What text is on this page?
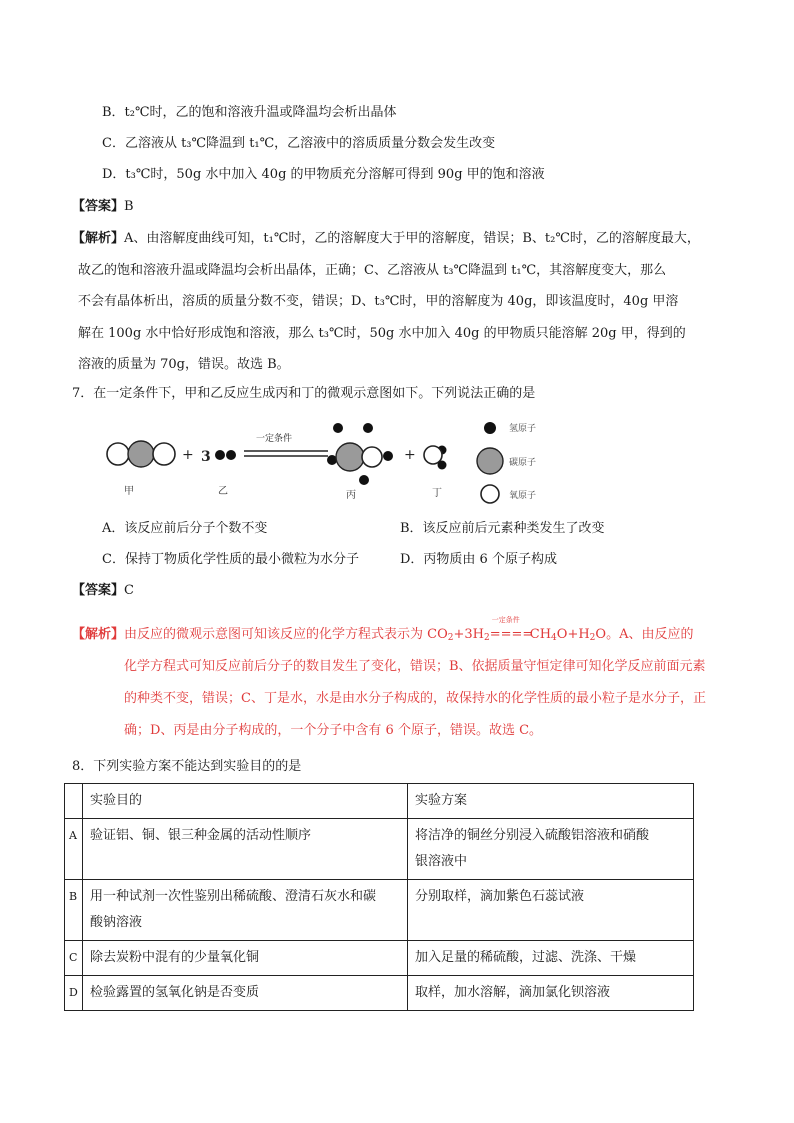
B．t₂℃时，乙的饱和溶液升温或降温均会析出晶体
C．乙溶液从 t₃℃降温到 t₁℃，乙溶液中的溶质质量分数会发生改变
D．t₃℃时，50g 水中加入 40g 的甲物质充分溶解可得到 90g 甲的饱和溶液
【答案】B
【解析】A、由溶解度曲线可知，t₁℃时，乙的溶解度大于甲的溶解度，错误；B、t₂℃时，乙的溶解度最大，
故乙的饱和溶液升温或降温均会析出晶体，正确；C、乙溶液从 t₃℃降温到 t₁℃，其溶解度变大，那么
不会有晶体析出，溶质的质量分数不变，错误；D、t₃℃时，甲的溶解度为 40g，即该温度时，40g 甲溶
解在 100g 水中恰好形成饱和溶液，那么 t₃℃时，50g 水中加入 40g 的甲物质只能溶解 20g 甲，得到的
溶液的质量为 70g，错误。故选 B。
7．在一定条件下，甲和乙反应生成丙和丁的微观示意图如下。下列说法正确的是
甲
+ 3
乙
一定条件
丙
+
丁
氢原子
碳原子
氧原子
A．该反应前后分子个数不变	B．该反应前后元素种类发生了改变
C．保持丁物质化学性质的最小微粒为水分子	D．丙物质由 6 个原子构成
【答案】C
【解析】由反应的微观示意图可知该反应的化学方程式表示为 $CO_2+3H_2$
一定条件
$====CH_4O+H_2O$。A、由反应的
化学方程式可知反应前后分子的数目发生了变化，错误；B、依据质量守恒定律可知化学反应前面元素
的种类不变，错误；C、丁是水，水是由水分子构成的，故保持水的化学性质的最小粒子是水分子，正
确；D、丙是由分子构成的，一个分子中含有 6 个原子，错误。故选 C。
8．下列实验方案不能达到实验目的的是
	实验目的	实验方案
A	验证铝、铜、银三种金属的活动性顺序	将洁净的铜丝分别浸入硫酸铝溶液和硝酸
银溶液中
B	用一种试剂一次性鉴别出稀硫酸、澄清石灰水和碳
酸钠溶液	分别取样，滴加紫色石蕊试液
C	除去炭粉中混有的少量氧化铜	加入足量的稀硫酸，过滤、洗涤、干燥
D	检验露置的氢氧化钠是否变质	取样，加水溶解，滴加氯化钡溶液
